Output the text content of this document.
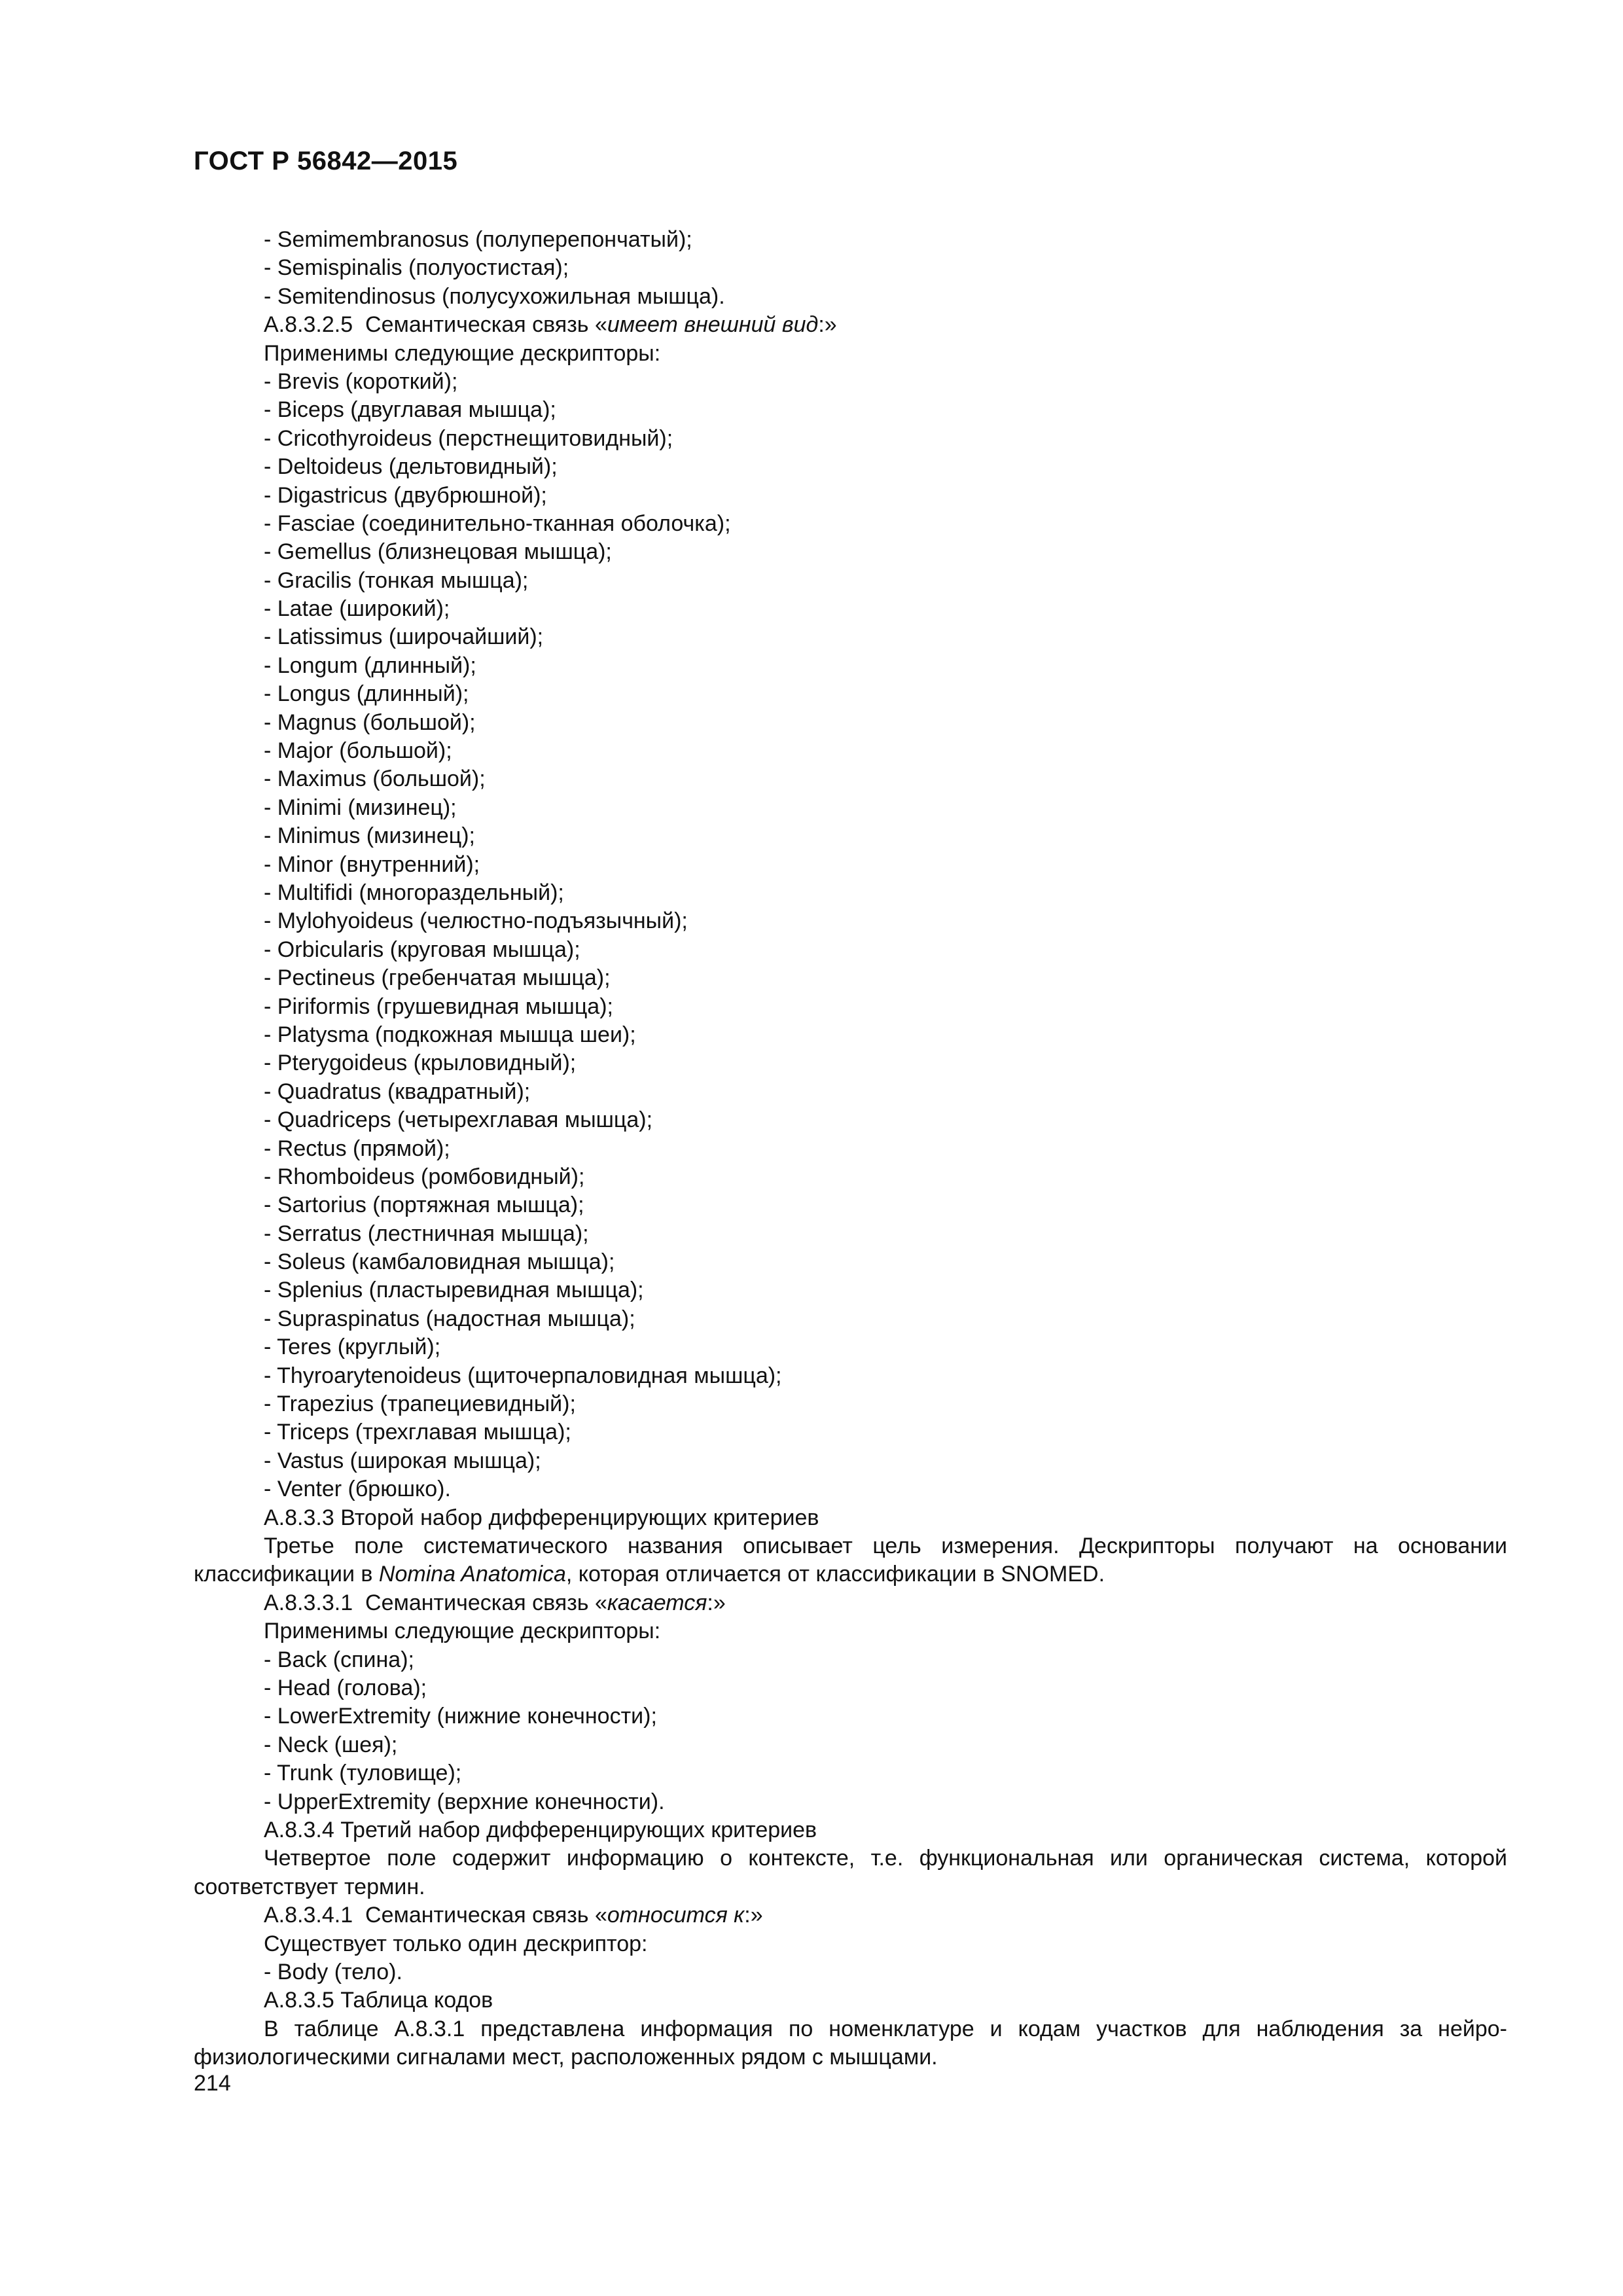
ГОСТ Р 56842—2015
- Semimembranosus (полуперепончатый);
- Semispinalis (полуостистая);
- Semitendinosus (полусухожильная мышца).
А.8.3.2.5 Семантическая связь «имеет внешний вид:»
Применимы следующие дескрипторы:
- Brevis (короткий);
- Biceps (двуглавая мышца);
- Cricothyroideus (перстнещитовидный);
- Deltoideus (дельтовидный);
- Digastricus (двубрюшной);
- Fasciae (соединительно-тканная оболочка);
- Gemellus (близнецовая мышца);
- Gracilis (тонкая мышца);
- Latae (широкий);
- Latissimus (широчайший);
- Longum (длинный);
- Longus (длинный);
- Magnus (большой);
- Major (большой);
- Maximus (большой);
- Minimi (мизинец);
- Minimus (мизинец);
- Minor (внутренний);
- Multifidi (многораздельный);
- Mylohyoideus (челюстно-подъязычный);
- Orbicularis (круговая мышца);
- Pectineus (гребенчатая мышца);
- Piriformis (грушевидная мышца);
- Platysma (подкожная мышца шеи);
- Pterygoideus (крыловидный);
- Quadratus (квадратный);
- Quadriceps (четырехглавая мышца);
- Rectus (прямой);
- Rhomboideus (ромбовидный);
- Sartorius (портяжная мышца);
- Serratus (лестничная мышца);
- Soleus (камбаловидная мышца);
- Splenius (пластыревидная мышца);
- Supraspinatus (надостная мышца);
- Teres (круглый);
- Thyroarytenoideus (щиточерпаловидная мышца);
- Trapezius (трапециевидный);
- Triceps (трехглавая мышца);
- Vastus (широкая мышца);
- Venter (брюшко).
А.8.3.3 Второй набор дифференцирующих критериев
Третье поле систематического названия описывает цель измерения. Дескрипторы получают на основании классификации в Nomina Anatomica, которая отличается от классификации в SNOMED.
А.8.3.3.1 Семантическая связь «касается:»
Применимы следующие дескрипторы:
- Back (спина);
- Head (голова);
- LowerExtremity (нижние конечности);
- Neck (шея);
- Trunk (туловище);
- UpperExtremity (верхние конечности).
А.8.3.4 Третий набор дифференцирующих критериев
Четвертое поле содержит информацию о контексте, т.е. функциональная или органическая система, которой соответствует термин.
А.8.3.4.1 Семантическая связь «относится к:»
Существует только один дескриптор:
- Body (тело).
А.8.3.5 Таблица кодов
В таблице А.8.3.1 представлена информация по номенклатуре и кодам участков для наблюдения за нейро-физиологическими сигналами мест, расположенных рядом с мышцами.
214
